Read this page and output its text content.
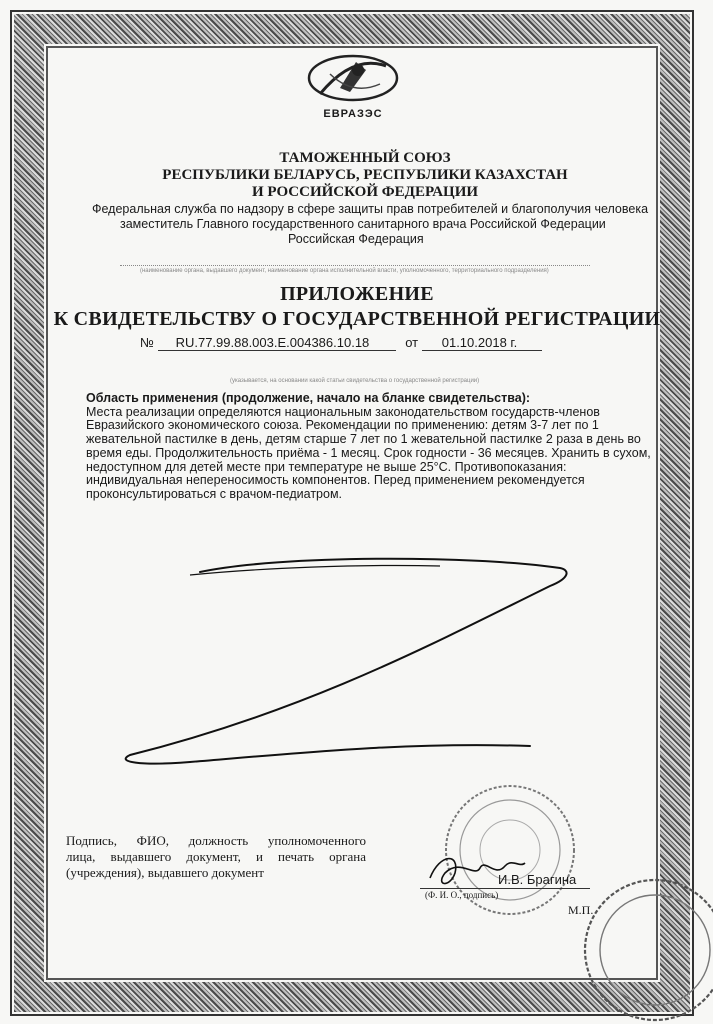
ЕВРАЗЭС
ТАМОЖЕННЫЙ СОЮЗ
РЕСПУБЛИКИ БЕЛАРУСЬ, РЕСПУБЛИКИ КАЗАХСТАН
И РОССИЙСКОЙ ФЕДЕРАЦИИ
Федеральная служба по надзору в сфере защиты прав потребителей и благополучия человека
заместитель Главного государственного санитарного врача Российской Федерации
Российская Федерация
(наименование органа, выдавшего документ, наименование органа исполнительной власти, уполномоченного, территориального подразделения)
ПРИЛОЖЕНИЕ
К СВИДЕТЕЛЬСТВУ О ГОСУДАРСТВЕННОЙ РЕГИСТРАЦИИ
№ RU.77.99.88.003.E.004386.10.18	от 01.10.2018 г.
(указывается, на основании какой статьи свидетельства о государственной регистрации)
Область применения (продолжение, начало на бланке свидетельства):
Места реализации определяются национальным законодательством государств-членов
Евразийского экономического союза. Рекомендации по применению: детям 3-7 лет по 1
жевательной пастилке в день, детям старше 7 лет по 1 жевательной пастилке 2 раза в день во
время еды. Продолжительность приёма - 1 месяц. Срок годности - 36 месяцев. Хранить в сухом,
недоступном для детей месте при температуре не выше 25°С. Противопоказания:
индивидуальная непереносимость компонентов. Перед применением рекомендуется
проконсультироваться с врачом-педиатром.
Подпись, ФИО, должность уполномоченного
лица, выдавшего документ, и печать органа
(учреждения), выдавшего документ	И.В. Брагина
(Ф. И. О., подпись)
М.П.
